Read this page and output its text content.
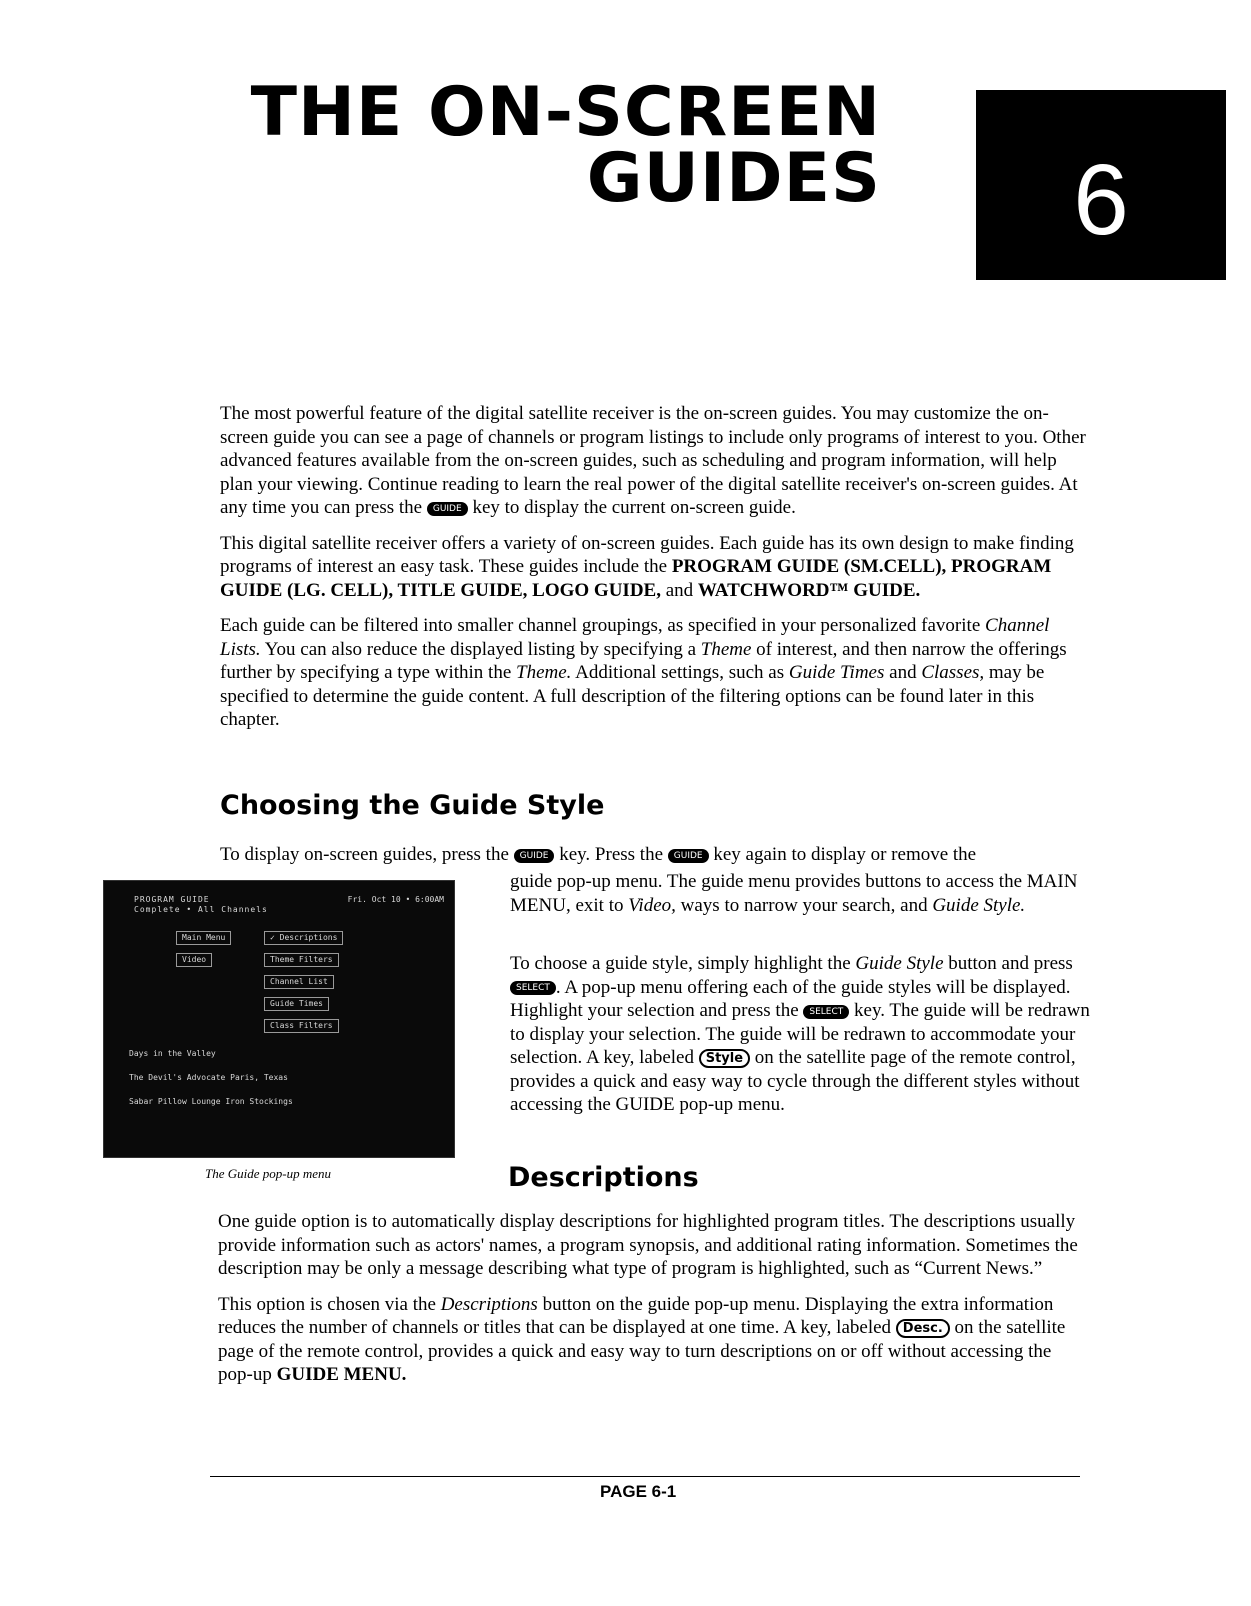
THE ON-SCREEN
GUIDES 6

The most powerful feature of the digital satellite receiver is the on-screen guides. You may customize the on-screen guide you can see a page of channels or program listings to include only programs of interest to you. Other advanced features available from the on-screen guides, such as scheduling and program information, will help plan your viewing. Continue reading to learn the real power of the digital satellite receiver's on-screen guides. At any time you can press the GUIDE key to display the current on-screen guide.

This digital satellite receiver offers a variety of on-screen guides. Each guide has its own design to make finding programs of interest an easy task. These guides include the PROGRAM GUIDE (SM.CELL), PROGRAM GUIDE (LG. CELL), TITLE GUIDE, LOGO GUIDE, and WATCHWORD™ GUIDE.

Each guide can be filtered into smaller channel groupings, as specified in your personalized favorite Channel Lists. You can also reduce the displayed listing by specifying a Theme of interest, and then narrow the offerings further by specifying a type within the Theme. Additional settings, such as Guide Times and Classes, may be specified to determine the guide content. A full description of the filtering options can be found later in this chapter.

Choosing the Guide Style
To display on-screen guides, press the GUIDE key. Press the GUIDE key again to display or remove the

guide pop-up menu. The guide menu provides buttons to access the MAIN MENU, exit to Video, ways to narrow your search, and Guide Style.

To choose a guide style, simply highlight the Guide Style button and press SELECT . A pop-up menu offering each of the guide styles will be displayed. Highlight your selection and press the SELECT key. The guide will be redrawn to display your selection. The guide will be redrawn to accommodate your selection. A key, labeled Style on the satellite page of the remote control, provides a quick and easy way to cycle through the different styles without accessing the GUIDE pop-up menu.

PROGRAM GUIDE
Complete • All Channels
Fri. Oct 10 • 6:00AM
Main Menu
Video
✓ Descriptions
Theme Filters
Channel List
Guide Times
Class Filters
Days in the Valley
The Devil's Advocate Paris, Texas
Sabar Pillow Lounge Iron Stockings
The Guide pop-up menu	Descriptions

One guide option is to automatically display descriptions for highlighted program titles. The descriptions usually provide information such as actors' names, a program synopsis, and additional rating information. Sometimes the description may be only a message describing what type of program is highlighted, such as “Current News.”

This option is chosen via the Descriptions button on the guide pop-up menu. Displaying the extra information reduces the number of channels or titles that can be displayed at one time. A key, labeled Desc. on the satellite page of the remote control, provides a quick and easy way to turn descriptions on or off without accessing the pop-up GUIDE MENU.

PAGE 6-1
